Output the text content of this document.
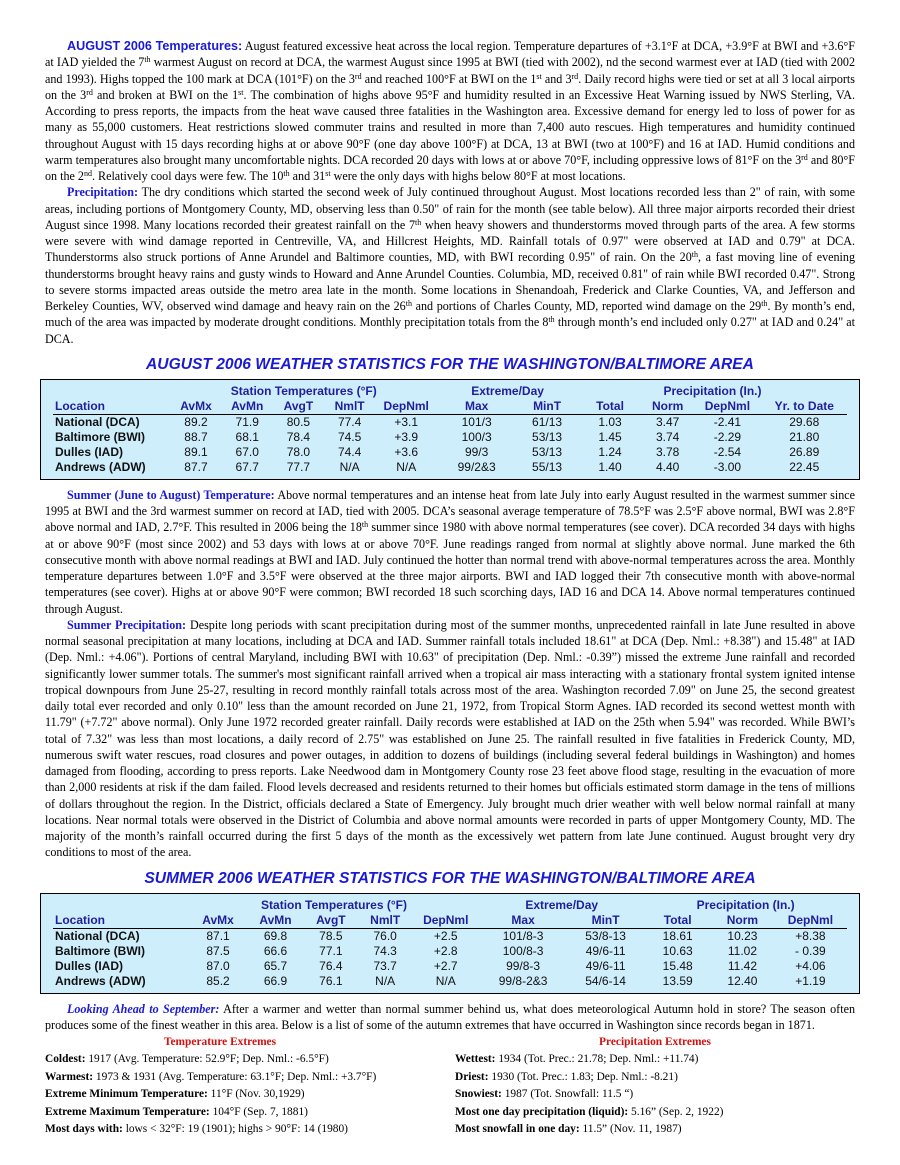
AUGUST 2006 Temperatures: August featured excessive heat across the local region. Temperature departures of +3.1°F at DCA, +3.9°F at BWI and +3.6°F at IAD yielded the 7th warmest August on record at DCA, the warmest August since 1995 at BWI (tied with 2002), nd the second warmest ever at IAD (tied with 2002 and 1993). Highs topped the 100 mark at DCA (101°F) on the 3rd and reached 100°F at BWI on the 1st and 3rd. Daily record highs were tied or set at all 3 local airports on the 3rd and broken at BWI on the 1st. The combination of highs above 95°F and humidity resulted in an Excessive Heat Warning issued by NWS Sterling, VA. According to press reports, the impacts from the heat wave caused three fatalities in the Washington area. Excessive demand for energy led to loss of power for as many as 55,000 customers. Heat restrictions slowed commuter trains and resulted in more than 7,400 auto rescues. High temperatures and humidity continued throughout August with 15 days recording highs at or above 90°F (one day above 100°F) at DCA, 13 at BWI (two at 100°F) and 16 at IAD. Humid conditions and warm temperatures also brought many uncomfortable nights. DCA recorded 20 days with lows at or above 70°F, including oppressive lows of 81°F on the 3rd and 80°F on the 2nd. Relatively cool days were few. The 10th and 31st were the only days with highs below 80°F at most locations.

Precipitation: The dry conditions which started the second week of July continued throughout August. Most locations recorded less than 2" of rain, with some areas, including portions of Montgomery County, MD, observing less than 0.50" of rain for the month (see table below). All three major airports recorded their driest August since 1998. Many locations recorded their greatest rainfall on the 7th when heavy showers and thunderstorms moved through parts of the area. A few storms were severe with wind damage reported in Centreville, VA, and Hillcrest Heights, MD. Rainfall totals of 0.97" were observed at IAD and 0.79" at DCA. Thunderstorms also struck portions of Anne Arundel and Baltimore counties, MD, with BWI recording 0.95" of rain. On the 20th, a fast moving line of evening thunderstorms brought heavy rains and gusty winds to Howard and Anne Arundel Counties. Columbia, MD, received 0.81" of rain while BWI recorded 0.47". Strong to severe storms impacted areas outside the metro area late in the month. Some locations in Shenandoah, Frederick and Clarke Counties, VA, and Jefferson and Berkeley Counties, WV, observed wind damage and heavy rain on the 26th and portions of Charles County, MD, reported wind damage on the 29th. By month’s end, much of the area was impacted by moderate drought conditions. Monthly precipitation totals from the 8th through month’s end included only 0.27" at IAD and 0.24" at DCA.

AUGUST 2006 WEATHER STATISTICS FOR THE WASHINGTON/BALTIMORE AREA
	Station Temperatures (°F)					Extreme/Day		Precipitation (In.)			
Location	AvMx	AvMn	AvgT	NmlT	DepNml	Max	MinT	Total	Norm	DepNml	Yr. to Date
National (DCA)	89.2	71.9	80.5	77.4	+3.1	101/3	61/13	1.03	3.47	-2.41	29.68
Baltimore (BWI)	88.7	68.1	78.4	74.5	+3.9	100/3	53/13	1.45	3.74	-2.29	21.80
Dulles (IAD)	89.1	67.0	78.0	74.4	+3.6	99/3	53/13	1.24	3.78	-2.54	26.89
Andrews (ADW)	87.7	67.7	77.7	N/A	N/A	99/2&3	55/13	1.40	4.40	-3.00	22.45

Summer (June to August) Temperature: Above normal temperatures and an intense heat from late July into early August resulted in the warmest summer since 1995 at BWI and the 3rd warmest summer on record at IAD, tied with 2005. DCA’s seasonal average temperature of 78.5°F was 2.5°F above normal, BWI was 2.8°F above normal and IAD, 2.7°F. This resulted in 2006 being the 18th summer since 1980 with above normal temperatures (see cover). DCA recorded 34 days with highs at or above 90°F (most since 2002) and 53 days with lows at or above 70°F. June readings ranged from normal at slightly above normal. June marked the 6th consecutive month with above normal readings at BWI and IAD. July continued the hotter than normal trend with above-normal temperatures across the area. Monthly temperature departures between 1.0°F and 3.5°F were observed at the three major airports. BWI and IAD logged their 7th consecutive month with above-normal temperatures (see cover). Highs at or above 90°F were common; BWI recorded 18 such scorching days, IAD 16 and DCA 14. Above normal temperatures continued through August.

Summer Precipitation: Despite long periods with scant precipitation during most of the summer months, unprecedented rainfall in late June resulted in above normal seasonal precipitation at many locations, including at DCA and IAD. Summer rainfall totals included 18.61" at DCA (Dep. Nml.: +8.38") and 15.48" at IAD (Dep. Nml.: +4.06"). Portions of central Maryland, including BWI with 10.63" of precipitation (Dep. Nml.: -0.39”) missed the extreme June rainfall and recorded significantly lower summer totals. The summer's most significant rainfall arrived when a tropical air mass interacting with a stationary frontal system ignited intense tropical downpours from June 25-27, resulting in record monthly rainfall totals across most of the area. Washington recorded 7.09" on June 25, the second greatest daily total ever recorded and only 0.10" less than the amount recorded on June 21, 1972, from Tropical Storm Agnes. IAD recorded its second wettest month with 11.79" (+7.72" above normal). Only June 1972 recorded greater rainfall. Daily records were established at IAD on the 25th when 5.94" was recorded. While BWI’s total of 7.32" was less than most locations, a daily record of 2.75" was established on June 25. The rainfall resulted in five fatalities in Frederick County, MD, numerous swift water rescues, road closures and power outages, in addition to dozens of buildings (including several federal buildings in Washington) and homes damaged from flooding, according to press reports. Lake Needwood dam in Montgomery County rose 23 feet above flood stage, resulting in the evacuation of more than 2,000 residents at risk if the dam failed. Flood levels decreased and residents returned to their homes but officials estimated storm damage in the tens of millions of dollars throughout the region. In the District, officials declared a State of Emergency. July brought much drier weather with well below normal rainfall at many locations. Near normal totals were observed in the District of Columbia and above normal amounts were recorded in parts of upper Montgomery County, MD. The majority of the month’s rainfall occurred during the first 5 days of the month as the excessively wet pattern from late June continued. August brought very dry conditions to most of the area.

SUMMER 2006 WEATHER STATISTICS FOR THE WASHINGTON/BALTIMORE AREA
	Station Temperatures (°F)					Extreme/Day		Precipitation (In.)		
Location	AvMx	AvMn	AvgT	NmlT	DepNml	Max	MinT	Total	Norm	DepNml
National (DCA)	87.1	69.8	78.5	76.0	+2.5	101/8-3	53/8-13	18.61	10.23	+8.38
Baltimore (BWI)	87.5	66.6	77.1	74.3	+2.8	100/8-3	49/6-11	10.63	11.02	- 0.39
Dulles (IAD)	87.0	65.7	76.4	73.7	+2.7	99/8-3	49/6-11	15.48	11.42	+4.06
Andrews (ADW)	85.2	66.9	76.1	N/A	N/A	99/8-2&3	54/6-14	13.59	12.40	+1.19

Looking Ahead to September: After a warmer and wetter than normal summer behind us, what does meteorological Autumn hold in store? The season often produces some of the finest weather in this area. Below is a list of some of the autumn extremes that have occurred in Washington since records began in 1871.

Temperature Extremes
Coldest: 1917 (Avg. Temperature: 52.9°F; Dep. Nml.: -6.5°F)
Warmest: 1973 & 1931 (Avg. Temperature: 63.1°F; Dep. Nml.: +3.7°F)
Extreme Minimum Temperature: 11°F (Nov. 30,1929)
Extreme Maximum Temperature: 104°F (Sep. 7, 1881)
Most days with: lows < 32°F: 19 (1901); highs > 90°F: 14 (1980)
Precipitation Extremes
Wettest: 1934 (Tot. Prec.: 21.78; Dep. Nml.: +11.74)
Driest: 1930 (Tot. Prec.: 1.83; Dep. Nml.: -8.21)
Snowiest: 1987 (Tot. Snowfall: 11.5 “)
Most one day precipitation (liquid): 5.16” (Sep. 2, 1922)
Most snowfall in one day: 11.5” (Nov. 11, 1987)
